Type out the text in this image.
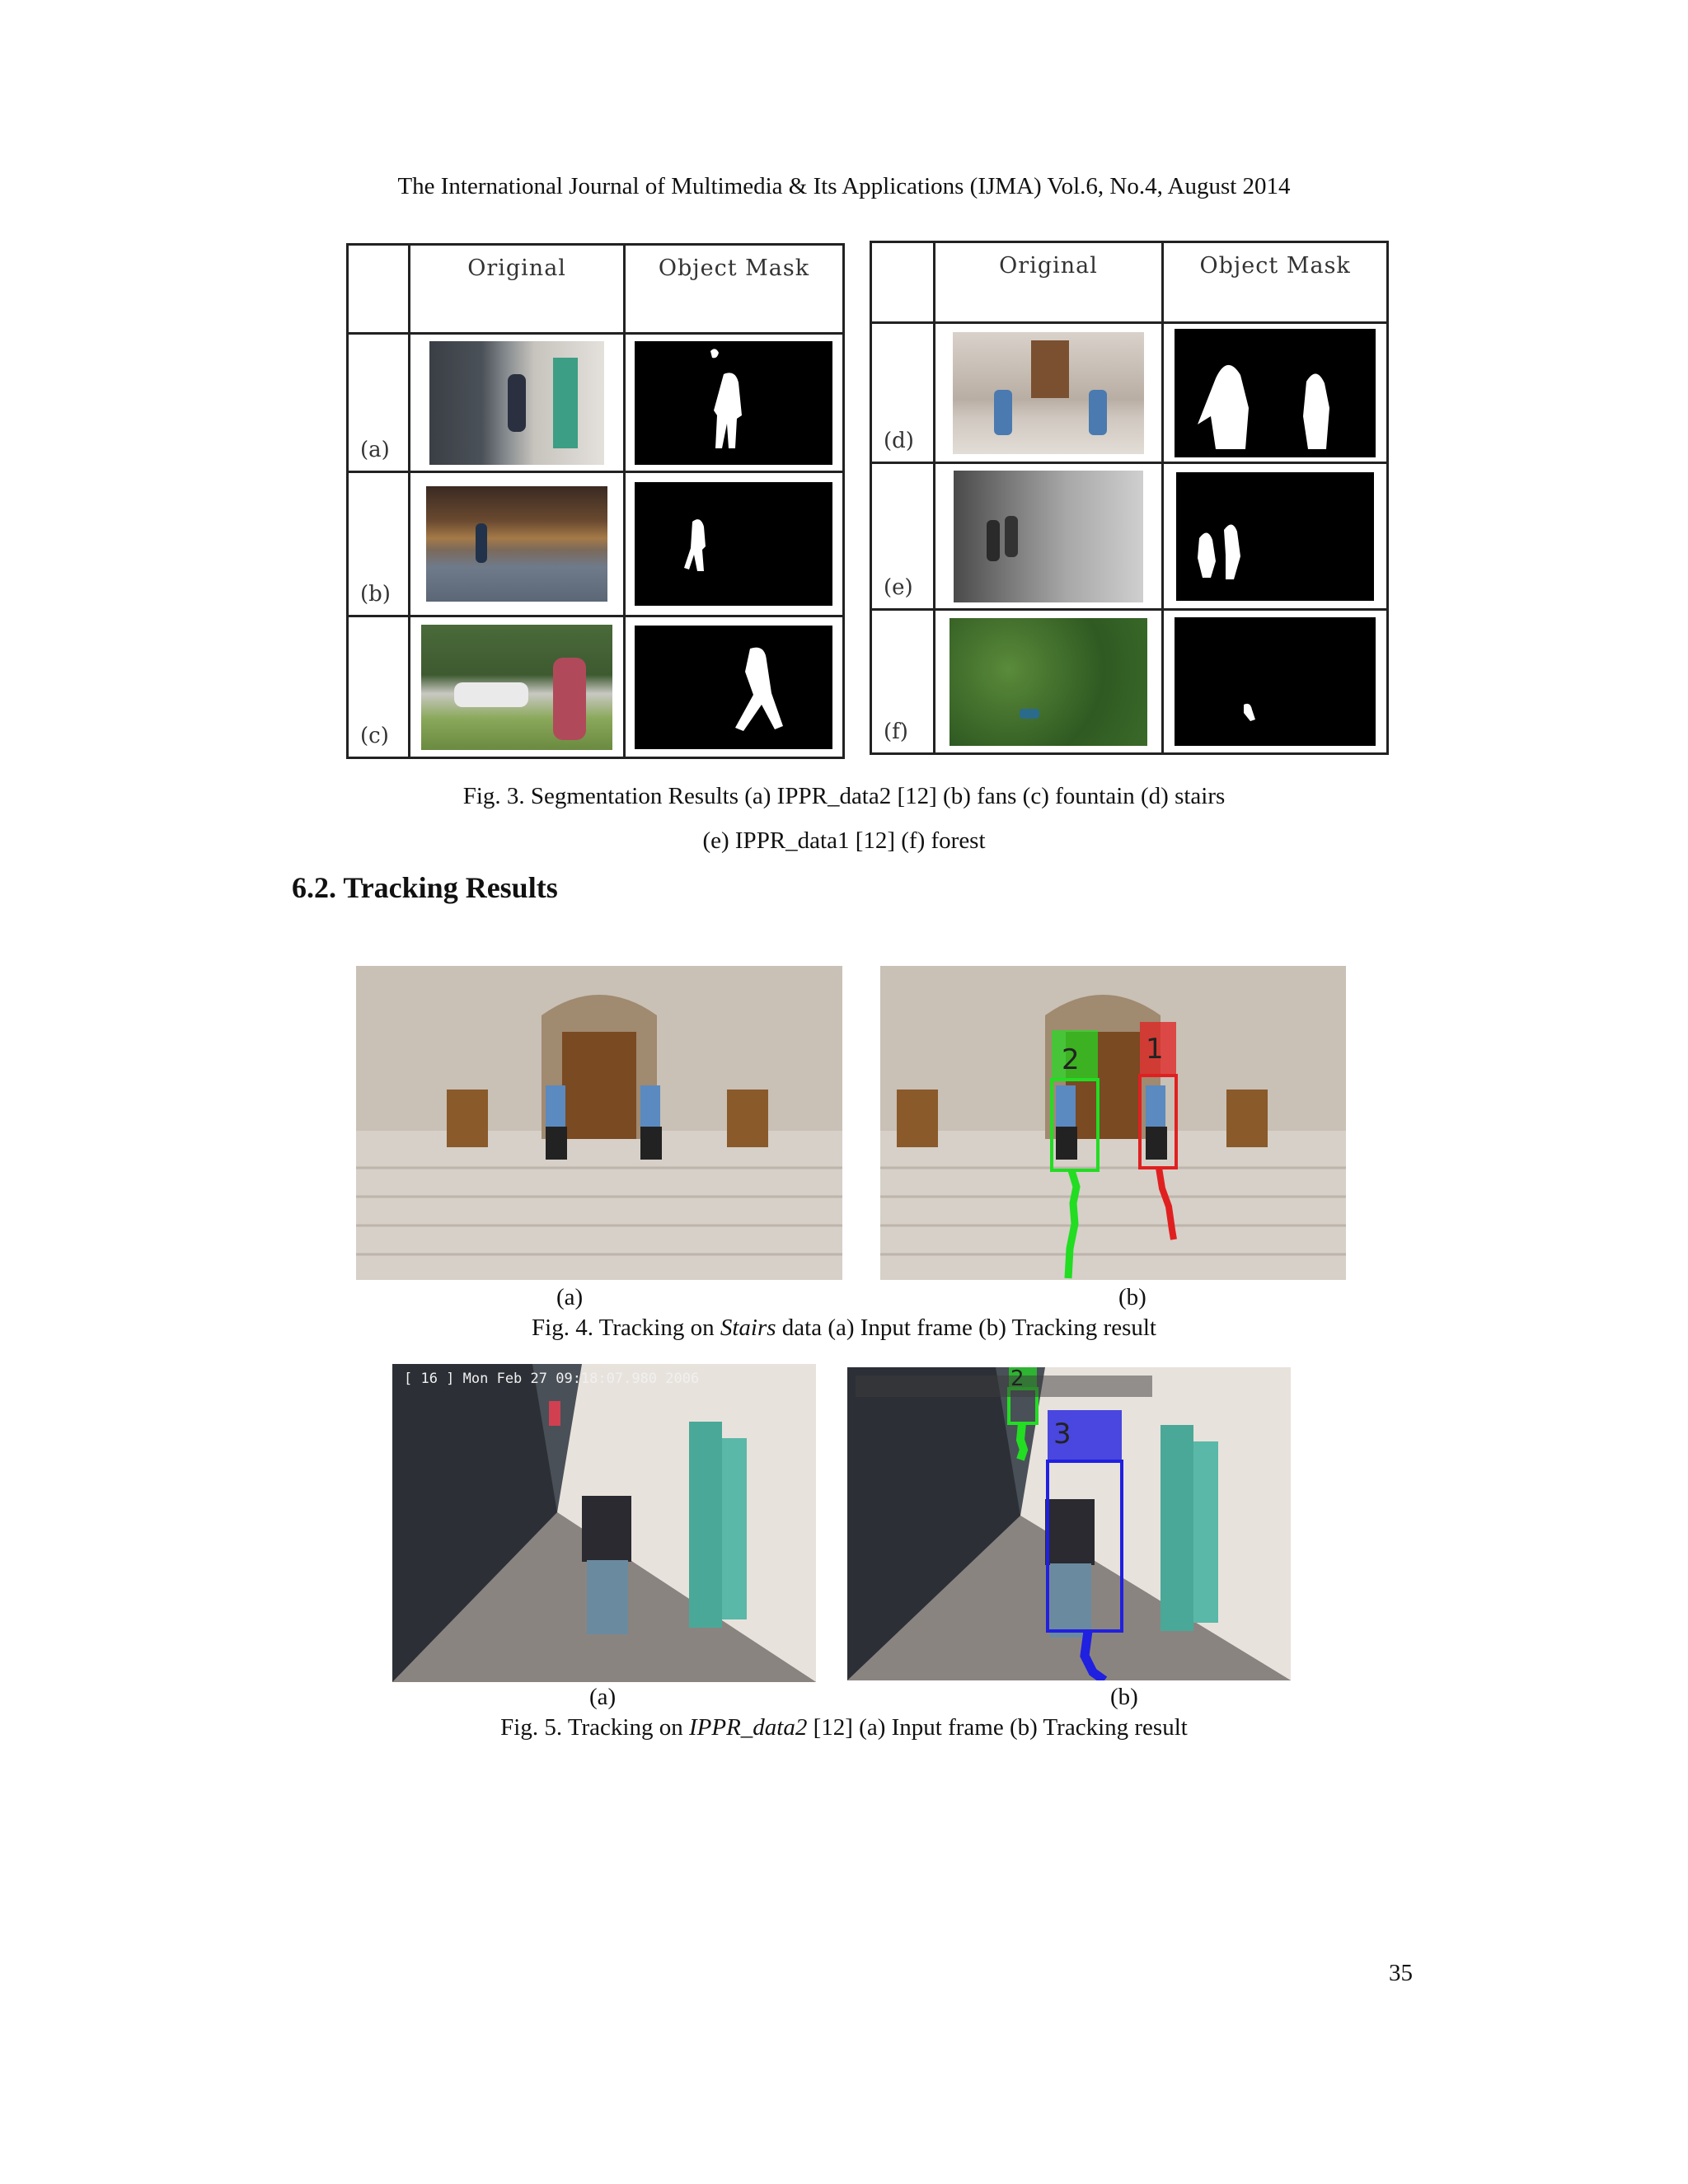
The International Journal of Multimedia & Its Applications (IJMA) Vol.6, No.4, August 2014
	Original	Object Mask
(a)	

(b)	

(c)	

	Original	Object Mask
(d)	

(e)	

(f)	

Fig. 3. Segmentation Results (a) IPPR_data2 [12] (b) fans (c) fountain (d) stairs
(e) IPPR_data1 [12] (f) forest
6.2. Tracking Results
2 1
(a)	(b)
Fig. 4. Tracking on Stairs data (a) Input frame (b) Tracking result
[ 16 ] Mon Feb 27 09:18:07.980 2006	2
3
(a)	(b)
Fig. 5. Tracking on IPPR_data2 [12] (a) Input frame (b) Tracking result
35
